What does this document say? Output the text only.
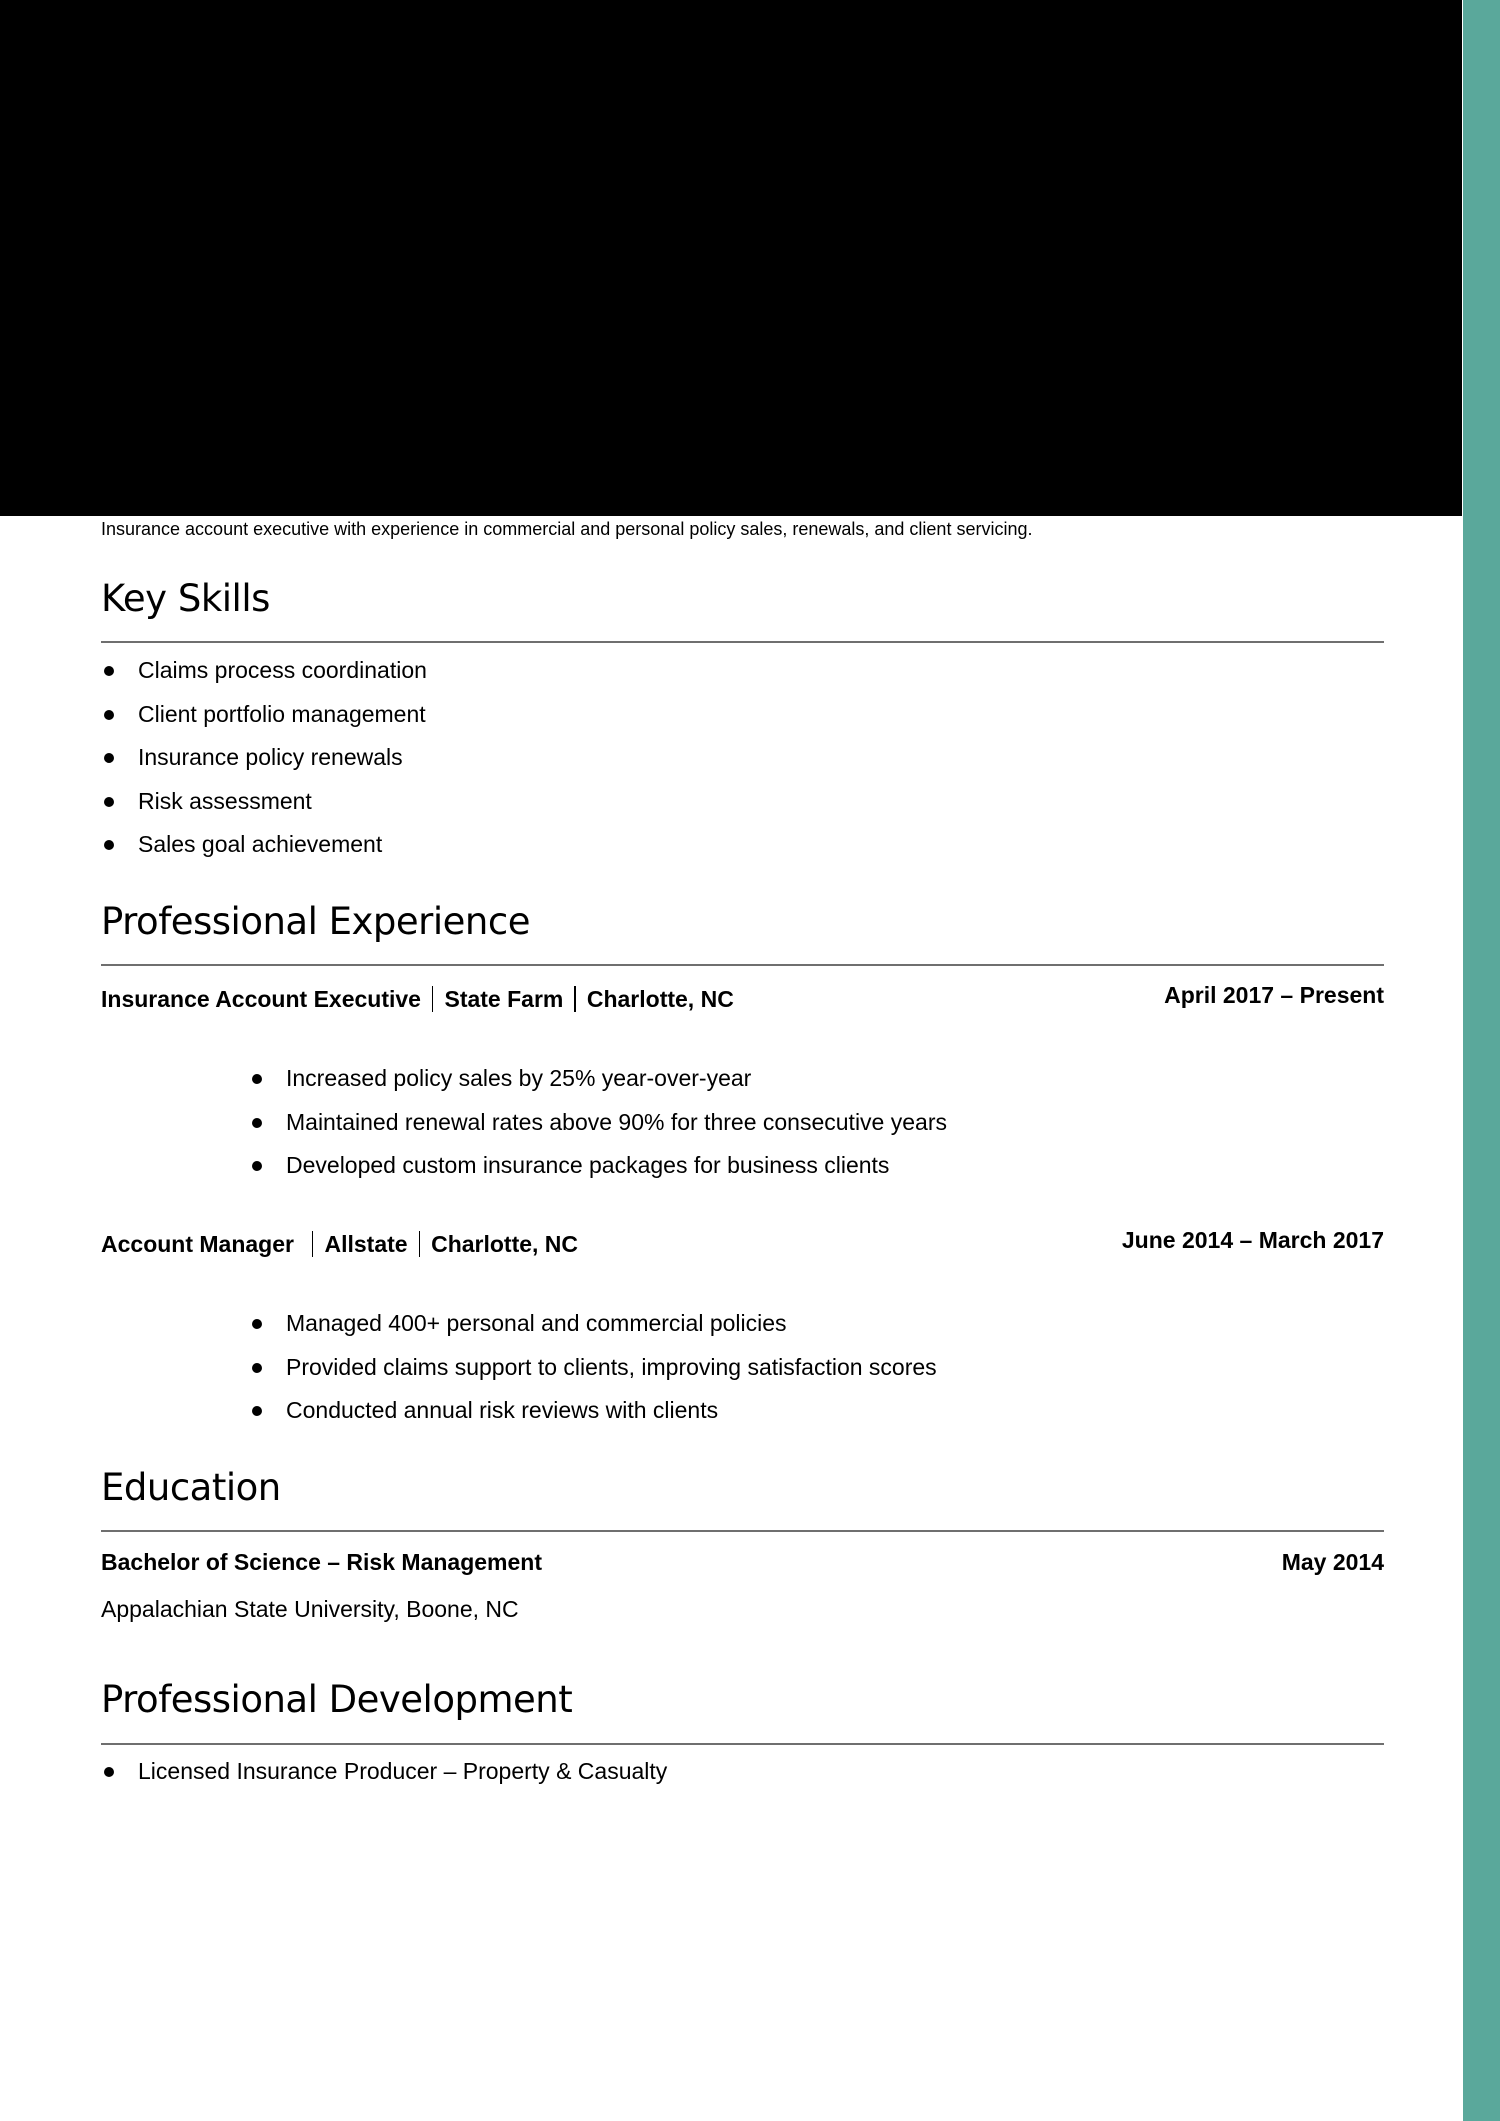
Insurance account executive with experience in commercial and personal policy sales, renewals, and client servicing.
Key Skills
Claims process coordination
Client portfolio management
Insurance policy renewals
Risk assessment
Sales goal achievement
Professional Experience
Insurance Account Executive State Farm Charlotte, NC	April 2017 – Present
Increased policy sales by 25% year-over-year
Maintained renewal rates above 90% for three consecutive years
Developed custom insurance packages for business clients
Account Manager Allstate Charlotte, NC	June 2014 – March 2017
Managed 400+ personal and commercial policies
Provided claims support to clients, improving satisfaction scores
Conducted annual risk reviews with clients
Education
Bachelor of Science – Risk Management	May 2014
Appalachian State University, Boone, NC
Professional Development
Licensed Insurance Producer – Property & Casualty
